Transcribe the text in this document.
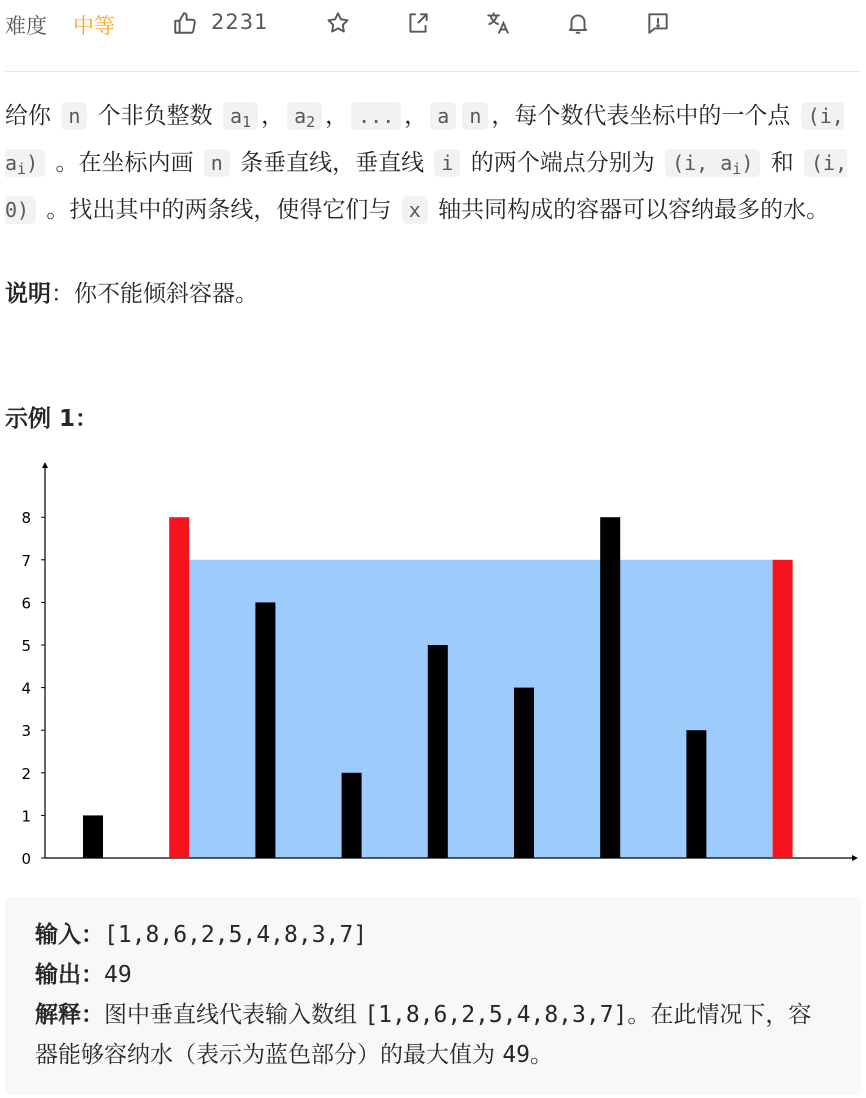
难度 中等	2231
给你 n 个非负整数 $a_1$ ， $a_2$ ， ... ， a n ，每个数代表坐标中的一个点 (i, $a_i$) 。在坐标内画 n 条垂直线，垂直线 i 的两个端点分别为 (i, $a_i$) 和 (i, 0) 。找出其中的两条线，使得它们与 x 轴共同构成的容器可以容纳最多的水。
说明：你不能倾斜容器。
示例 1：
0
1
2
3
4
5
6
7
8
输入：[1,8,6,2,5,4,8,3,7]
输出：49
解释：图中垂直线代表输入数组 [1,8,6,2,5,4,8,3,7]。在此情况下，容器能够容纳水（表示为蓝色部分）的最大值为 49。
